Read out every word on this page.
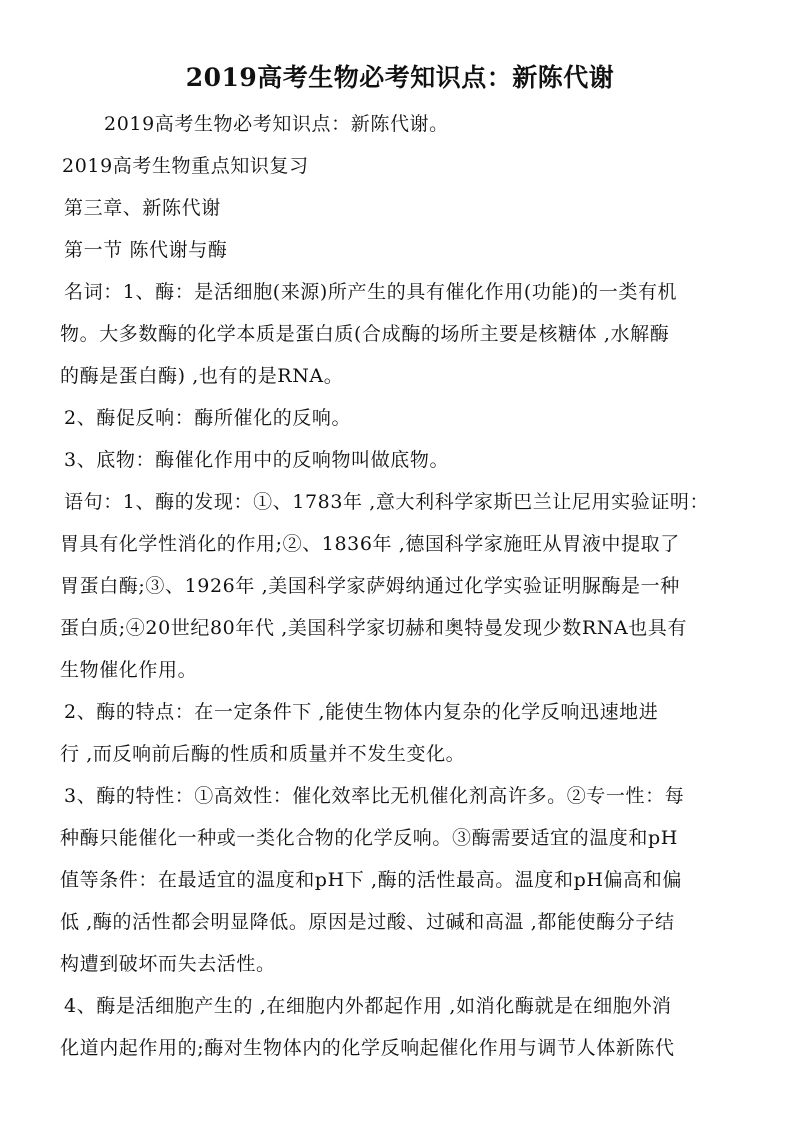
2019高考生物必考知识点：新陈代谢
2019高考生物必考知识点：新陈代谢。
2019高考生物重点知识复习
第三章、新陈代谢
第一节 陈代谢与酶
名词：1、酶：是活细胞(来源)所产生的具有催化作用(功能)的一类有机
物。大多数酶的化学本质是蛋白质(合成酶的场所主要是核糖体 ,水解酶
的酶是蛋白酶) ,也有的是RNA。
2、酶促反响：酶所催化的反响。
3、底物：酶催化作用中的反响物叫做底物。
语句：1、酶的发现：①、1783年 ,意大利科学家斯巴兰让尼用实验证明：
胃具有化学性消化的作用;②、1836年 ,德国科学家施旺从胃液中提取了
胃蛋白酶;③、1926年 ,美国科学家萨姆纳通过化学实验证明脲酶是一种
蛋白质;④20世纪80年代 ,美国科学家切赫和奥特曼发现少数RNA也具有
生物催化作用。
2、酶的特点：在一定条件下 ,能使生物体内复杂的化学反响迅速地进
行 ,而反响前后酶的性质和质量并不发生变化。
3、酶的特性：①高效性：催化效率比无机催化剂高许多。②专一性：每
种酶只能催化一种或一类化合物的化学反响。③酶需要适宜的温度和pH
值等条件：在最适宜的温度和pH下 ,酶的活性最高。温度和pH偏高和偏
低 ,酶的活性都会明显降低。原因是过酸、过碱和高温 ,都能使酶分子结
构遭到破坏而失去活性。
4、酶是活细胞产生的 ,在细胞内外都起作用 ,如消化酶就是在细胞外消
化道内起作用的;酶对生物体内的化学反响起催化作用与调节人体新陈代
